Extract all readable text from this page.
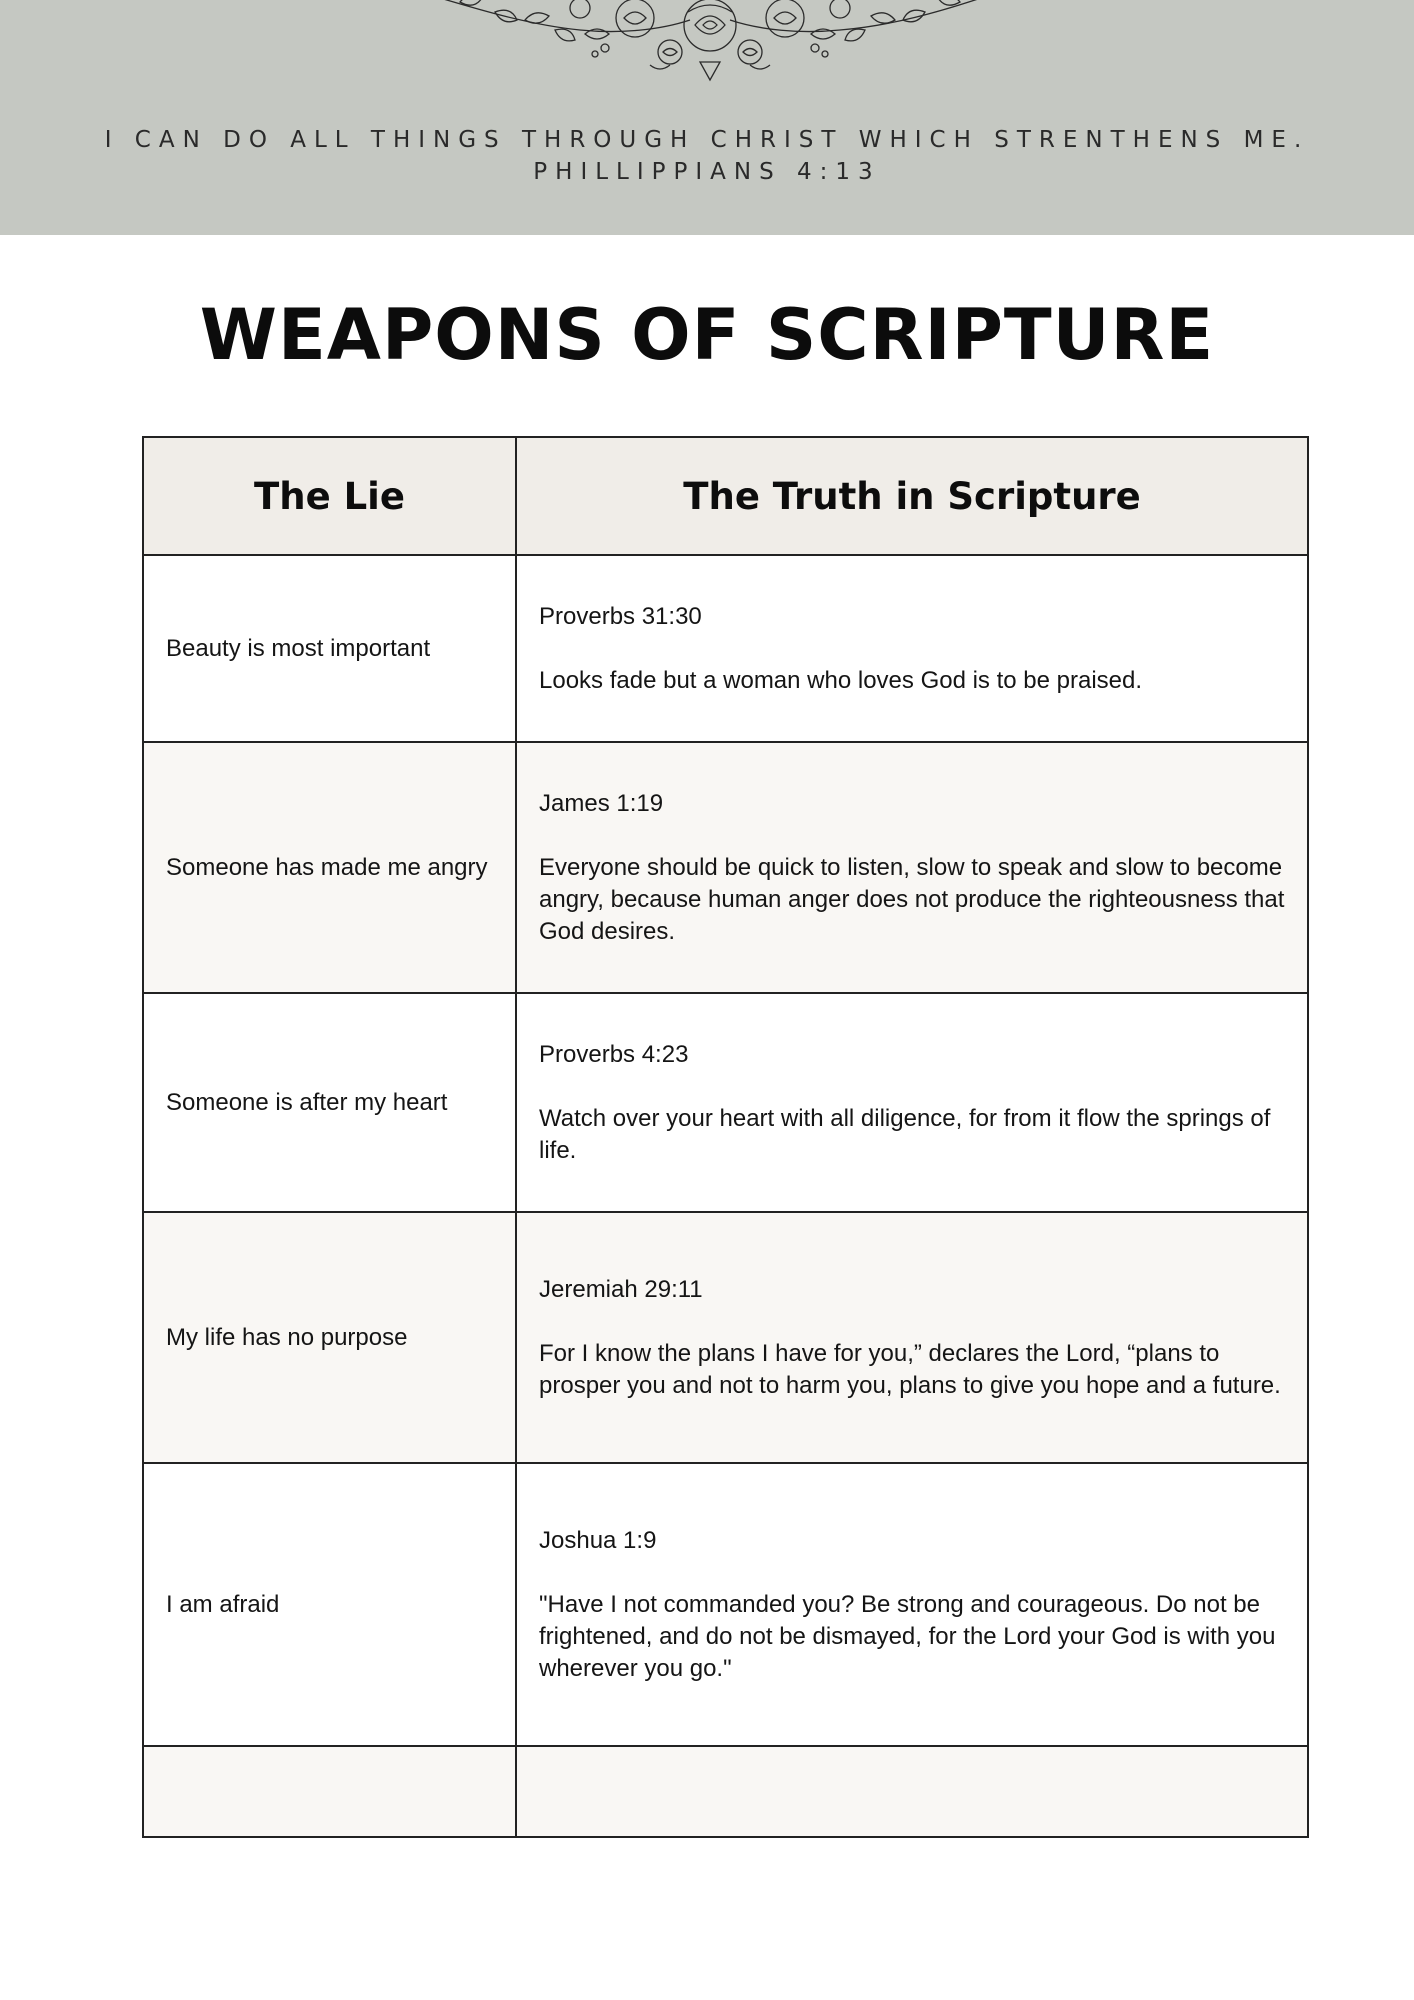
I CAN DO ALL THINGS THROUGH CHRIST WHICH STRENTHENS ME.
PHILLIPPIANS 4:13
WEAPONS OF SCRIPTURE
The Lie	The Truth in Scripture
Beauty is most important	Proverbs 31:30
Looks fade but a woman who loves God is to be praised.

Someone has made me angry	James 1:19
Everyone should be quick to listen, slow to speak and slow to become angry, because human anger does not produce the righteousness that God desires.

Someone is after my heart	Proverbs 4:23
Watch over your heart with all diligence, for from it flow the springs of life.

My life has no purpose	Jeremiah 29:11
For I know the plans I have for you,” declares the Lord, “plans to prosper you and not to harm you, plans to give you hope and a future.

I am afraid	Joshua 1:9
"Have I not commanded you? Be strong and courageous. Do not be frightened, and do not be dismayed, for the Lord your God is with you wherever you go."
